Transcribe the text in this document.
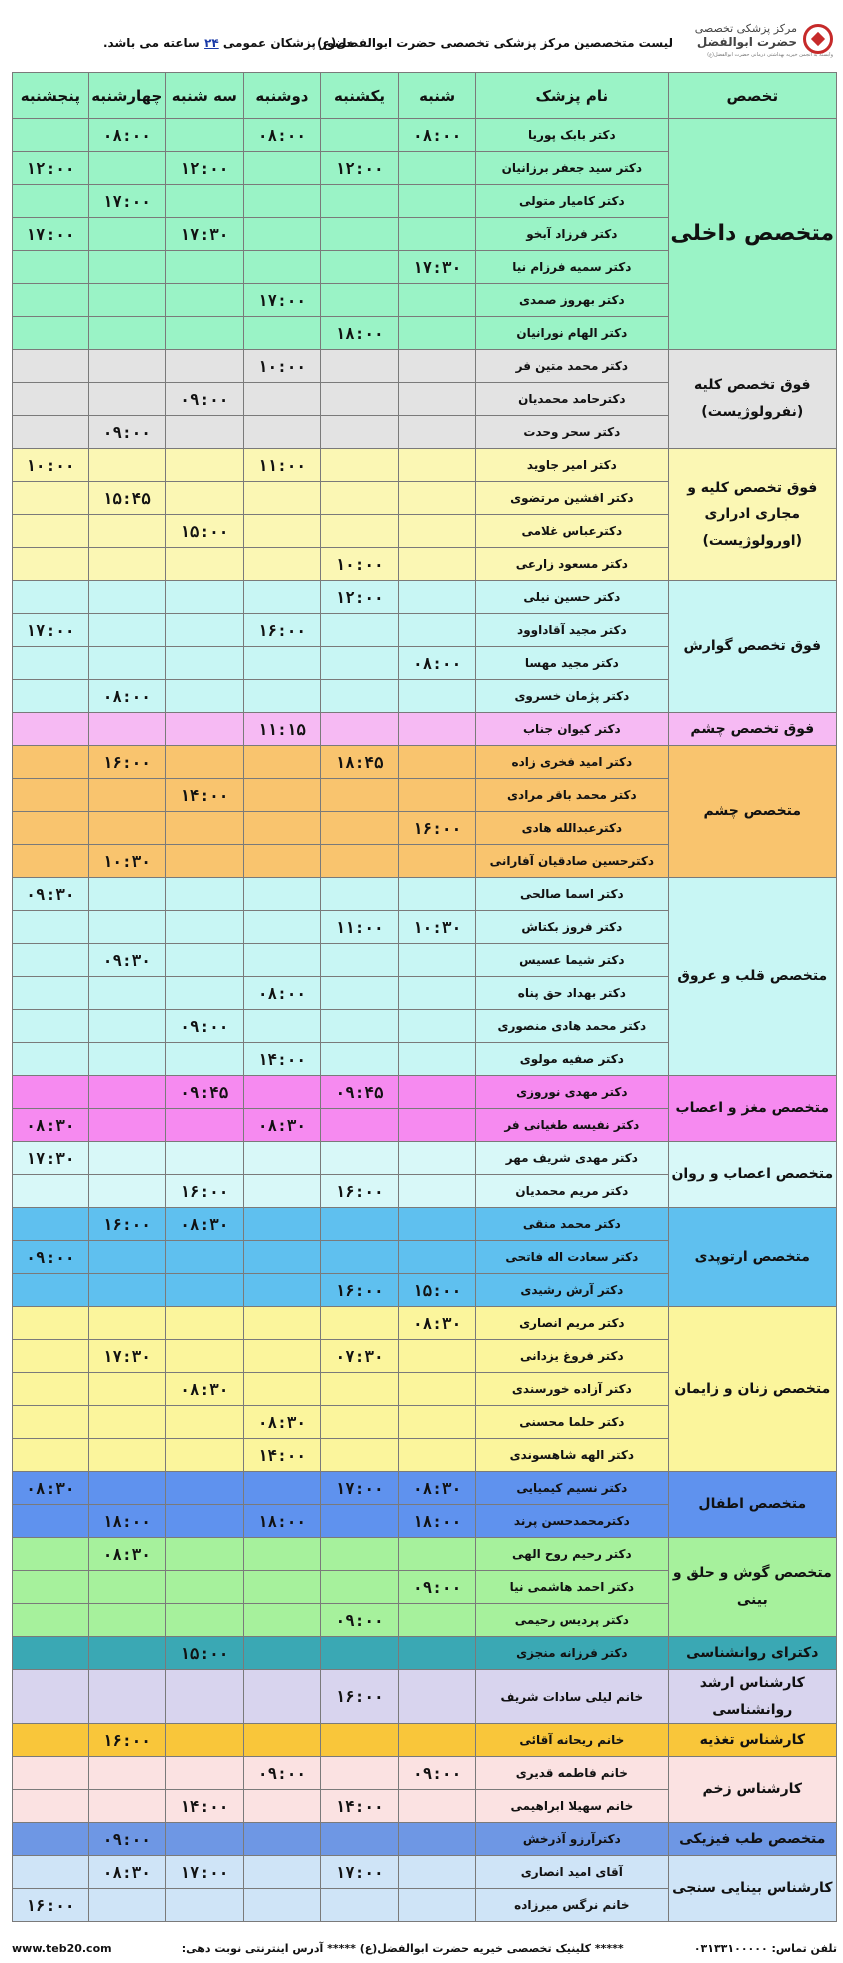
مرکز پزشکی تخصصی
حضرت ابوالفضل
وابسته به انجمن خیریه بهداشتی درمانی حضرت ابوالفضل(ع)
لیست متخصصین مرکز پزشکی تخصصی حضرت ابوالفضل(ع)
حضور پزشکان عمومی ۲۴ ساعته می باشد.
پنجشنبه	چهارشنبه	سه شنبه	دوشنبه	یکشنبه	شنبه	نام پزشک	تخصص
	۰۸:۰۰		۰۸:۰۰		۰۸:۰۰	دکتر بابک پوریا	متخصص داخلی
۱۲:۰۰		۱۲:۰۰		۱۲:۰۰		دکتر سید جعفر برزانیان	
	۱۷:۰۰					دکتر کامیار متولی	
۱۷:۰۰		۱۷:۳۰				دکتر فرزاد آبخو	
					۱۷:۳۰	دکتر سمیه فرزام نیا	
			۱۷:۰۰			دکتر بهروز صمدی	
				۱۸:۰۰		دکتر الهام نورانیان	
			۱۰:۰۰			دکتر محمد متین فر	فوق تخصص کلیه (نفرولوژیست)
		۰۹:۰۰				دکترحامد محمدیان	
	۰۹:۰۰					دکتر سحر وحدت	
۱۰:۰۰			۱۱:۰۰			دکتر امیر جاوید	فوق تخصص کلیه و مجاری ادراری (اورولوژیست)
	۱۵:۴۵					دکتر افشین مرتضوی	
		۱۵:۰۰				دکترعباس غلامی	
				۱۰:۰۰		دکتر مسعود زارعی	
				۱۲:۰۰		دکتر حسین نیلی	فوق تخصص گوارش
۱۷:۰۰			۱۶:۰۰			دکتر مجید آقاداوود	
					۰۸:۰۰	دکتر مجید مهسا	
	۰۸:۰۰					دکتر پژمان خسروی	
			۱۱:۱۵			دکتر کیوان جناب	فوق تخصص چشم
	۱۶:۰۰			۱۸:۴۵		دکتر امید فخری زاده	متخصص چشم
		۱۴:۰۰				دکتر محمد باقر مرادی	
					۱۶:۰۰	دکترعبدالله هادی	
	۱۰:۳۰					دکترحسین صادقیان آفارانی	
۰۹:۳۰						دکتر اسما صالحی	متخصص قلب و عروق
				۱۱:۰۰	۱۰:۳۰	دکتر فروز بکتاش	
	۰۹:۳۰					دکتر شیما عسیس	
			۰۸:۰۰			دکتر بهداد حق پناه	
		۰۹:۰۰				دکتر محمد هادی منصوری	
			۱۴:۰۰			دکتر صفیه مولوی	
		۰۹:۴۵		۰۹:۴۵		دکتر مهدی نوروزی	متخصص مغز و اعصاب
۰۸:۳۰			۰۸:۳۰			دکتر نفیسه طغیانی فر	
۱۷:۳۰						دکتر مهدی شریف مهر	متخصص اعصاب و روان
		۱۶:۰۰		۱۶:۰۰		دکتر مریم محمدیان	
	۱۶:۰۰	۰۸:۳۰				دکتر محمد منقی	متخصص ارتوپدی
۰۹:۰۰						دکتر سعادت اله فاتحی	
				۱۶:۰۰	۱۵:۰۰	دکتر آرش رشیدی	
					۰۸:۳۰	دکتر مریم انصاری	متخصص زنان و زایمان
	۱۷:۳۰			۰۷:۳۰		دکتر فروغ یزدانی	
		۰۸:۳۰				دکتر آزاده خورسندی	
			۰۸:۳۰			دکتر حلما محسنی	
			۱۴:۰۰			دکتر الهه شاهسوندی	
۰۸:۳۰				۱۷:۰۰	۰۸:۳۰	دکتر نسیم کیمیایی	متخصص اطفال
	۱۸:۰۰		۱۸:۰۰		۱۸:۰۰	دکترمحمدحسن پرند	
	۰۸:۳۰					دکتر رحیم روح الهی	متخصص گوش و حلق و بینی
					۰۹:۰۰	دکتر احمد هاشمی نیا	
				۰۹:۰۰		دکتر پردیس رحیمی	
		۱۵:۰۰				دکتر فرزانه منجزی	دکترای روانشناسی
				۱۶:۰۰		خانم لیلی سادات شریف	کارشناس ارشد روانشناسی
	۱۶:۰۰					خانم ریحانه آقائی	کارشناس تغذیه
			۰۹:۰۰		۰۹:۰۰	خانم فاطمه قدیری	کارشناس زخم
		۱۴:۰۰		۱۴:۰۰		خانم سهیلا ابراهیمی	
	۰۹:۰۰					دکترآرزو آذرخش	متخصص طب فیزیکی
	۰۸:۳۰	۱۷:۰۰		۱۷:۰۰		آقای امید انصاری	کارشناس بینایی سنجی
۱۶:۰۰						خانم نرگس میرزاده	
تلفن تماس: ۰۳۱۳۳۱۰۰۰۰۰
***** کلینیک تخصصی خیریه حضرت ابوالفضل(ع) ***** آدرس اینترنتی نوبت دهی:
www.teb20.com
